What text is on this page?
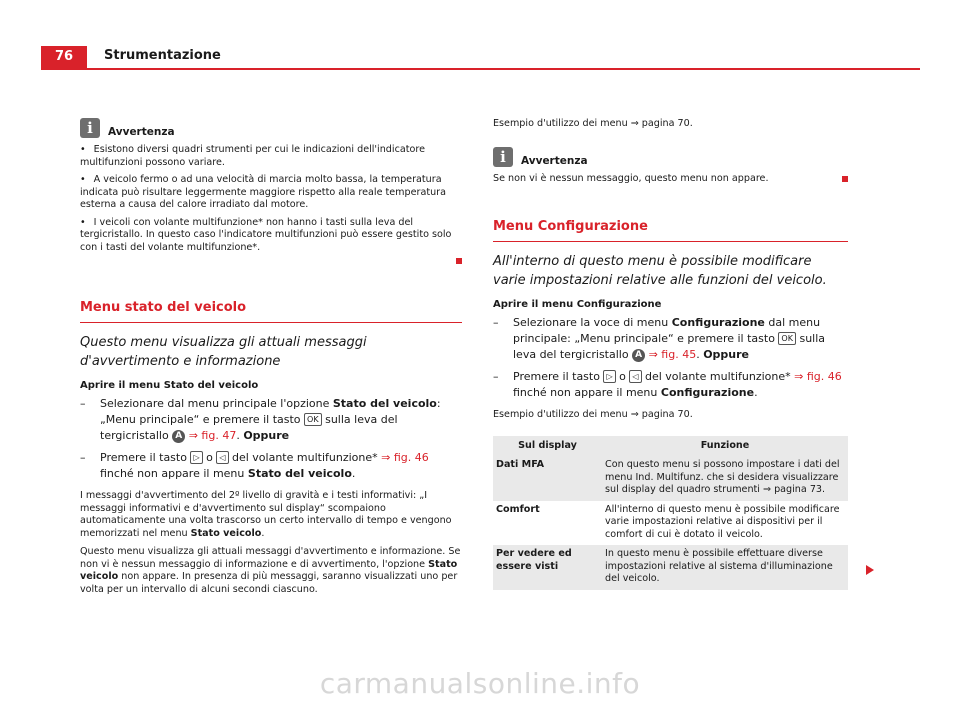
76	Strumentazione
i	Avvertenza
• Esistono diversi quadri strumenti per cui le indicazioni dell'indicatore multifunzioni possono variare.
• A veicolo fermo o ad una velocità di marcia molto bassa, la temperatura indicata può risultare leggermente maggiore rispetto alla reale temperatura esterna a causa del calore irradiato dal motore.
• I veicoli con volante multifunzione* non hanno i tasti sulla leva del tergicristallo. In questo caso l'indicatore multifunzioni può essere gestito solo con i tasti del volante multifunzione*.
Menu stato del veicolo
Questo menu visualizza gli attuali messaggi d'avvertimento e informazione
Aprire il menu Stato del veicolo
–	Selezionare dal menu principale l'opzione Stato del veicolo: „Menu principale“ e premere il tasto OK sulla leva del tergicristallo A ⇒ fig. 47. Oppure
–	Premere il tasto ▷ o ◁ del volante multifunzione* ⇒ fig. 46 finché non appare il menu Stato del veicolo.

I messaggi d'avvertimento del 2º livello di gravità e i testi informativi: „I messaggi informativi e d'avvertimento sul display“ scompaiono automaticamente una volta trascorso un certo intervallo di tempo e vengono memorizzati nel menu Stato veicolo.

Questo menu visualizza gli attuali messaggi d'avvertimento e informazione. Se non vi è nessun messaggio di informazione e di avvertimento, l'opzione Stato veicolo non appare. In presenza di più messaggi, saranno visualizzati uno per volta per un intervallo di alcuni secondi ciascuno.

Esempio d'utilizzo dei menu ⇒ pagina 70.

i	Avvertenza

Se non vi è nessun messaggio, questo menu non appare.

Menu Configurazione
All'interno di questo menu è possibile modificare varie impostazioni relative alle funzioni del veicolo.
Aprire il menu Configurazione
–	Selezionare la voce di menu Configurazione dal menu principale: „Menu principale“ e premere il tasto OK sulla leva del tergicristallo A ⇒ fig. 45. Oppure
–	Premere il tasto ▷ o ◁ del volante multifunzione* ⇒ fig. 46 finché non appare il menu Configurazione.

Esempio d'utilizzo dei menu ⇒ pagina 70.

Sul display	Funzione
Dati MFA	Con questo menu si possono impostare i dati del menu Ind. Multifunz. che si desidera visualizzare sul display del quadro strumenti ⇒ pagina 73.
Comfort	All'interno di questo menu è possibile modificare varie impostazioni relative ai dispositivi per il comfort di cui è dotato il veicolo.
Per vedere ed essere visti	In questo menu è possibile effettuare diverse impostazioni relative al sistema d'illuminazione del veicolo.
carmanualsonline.info
